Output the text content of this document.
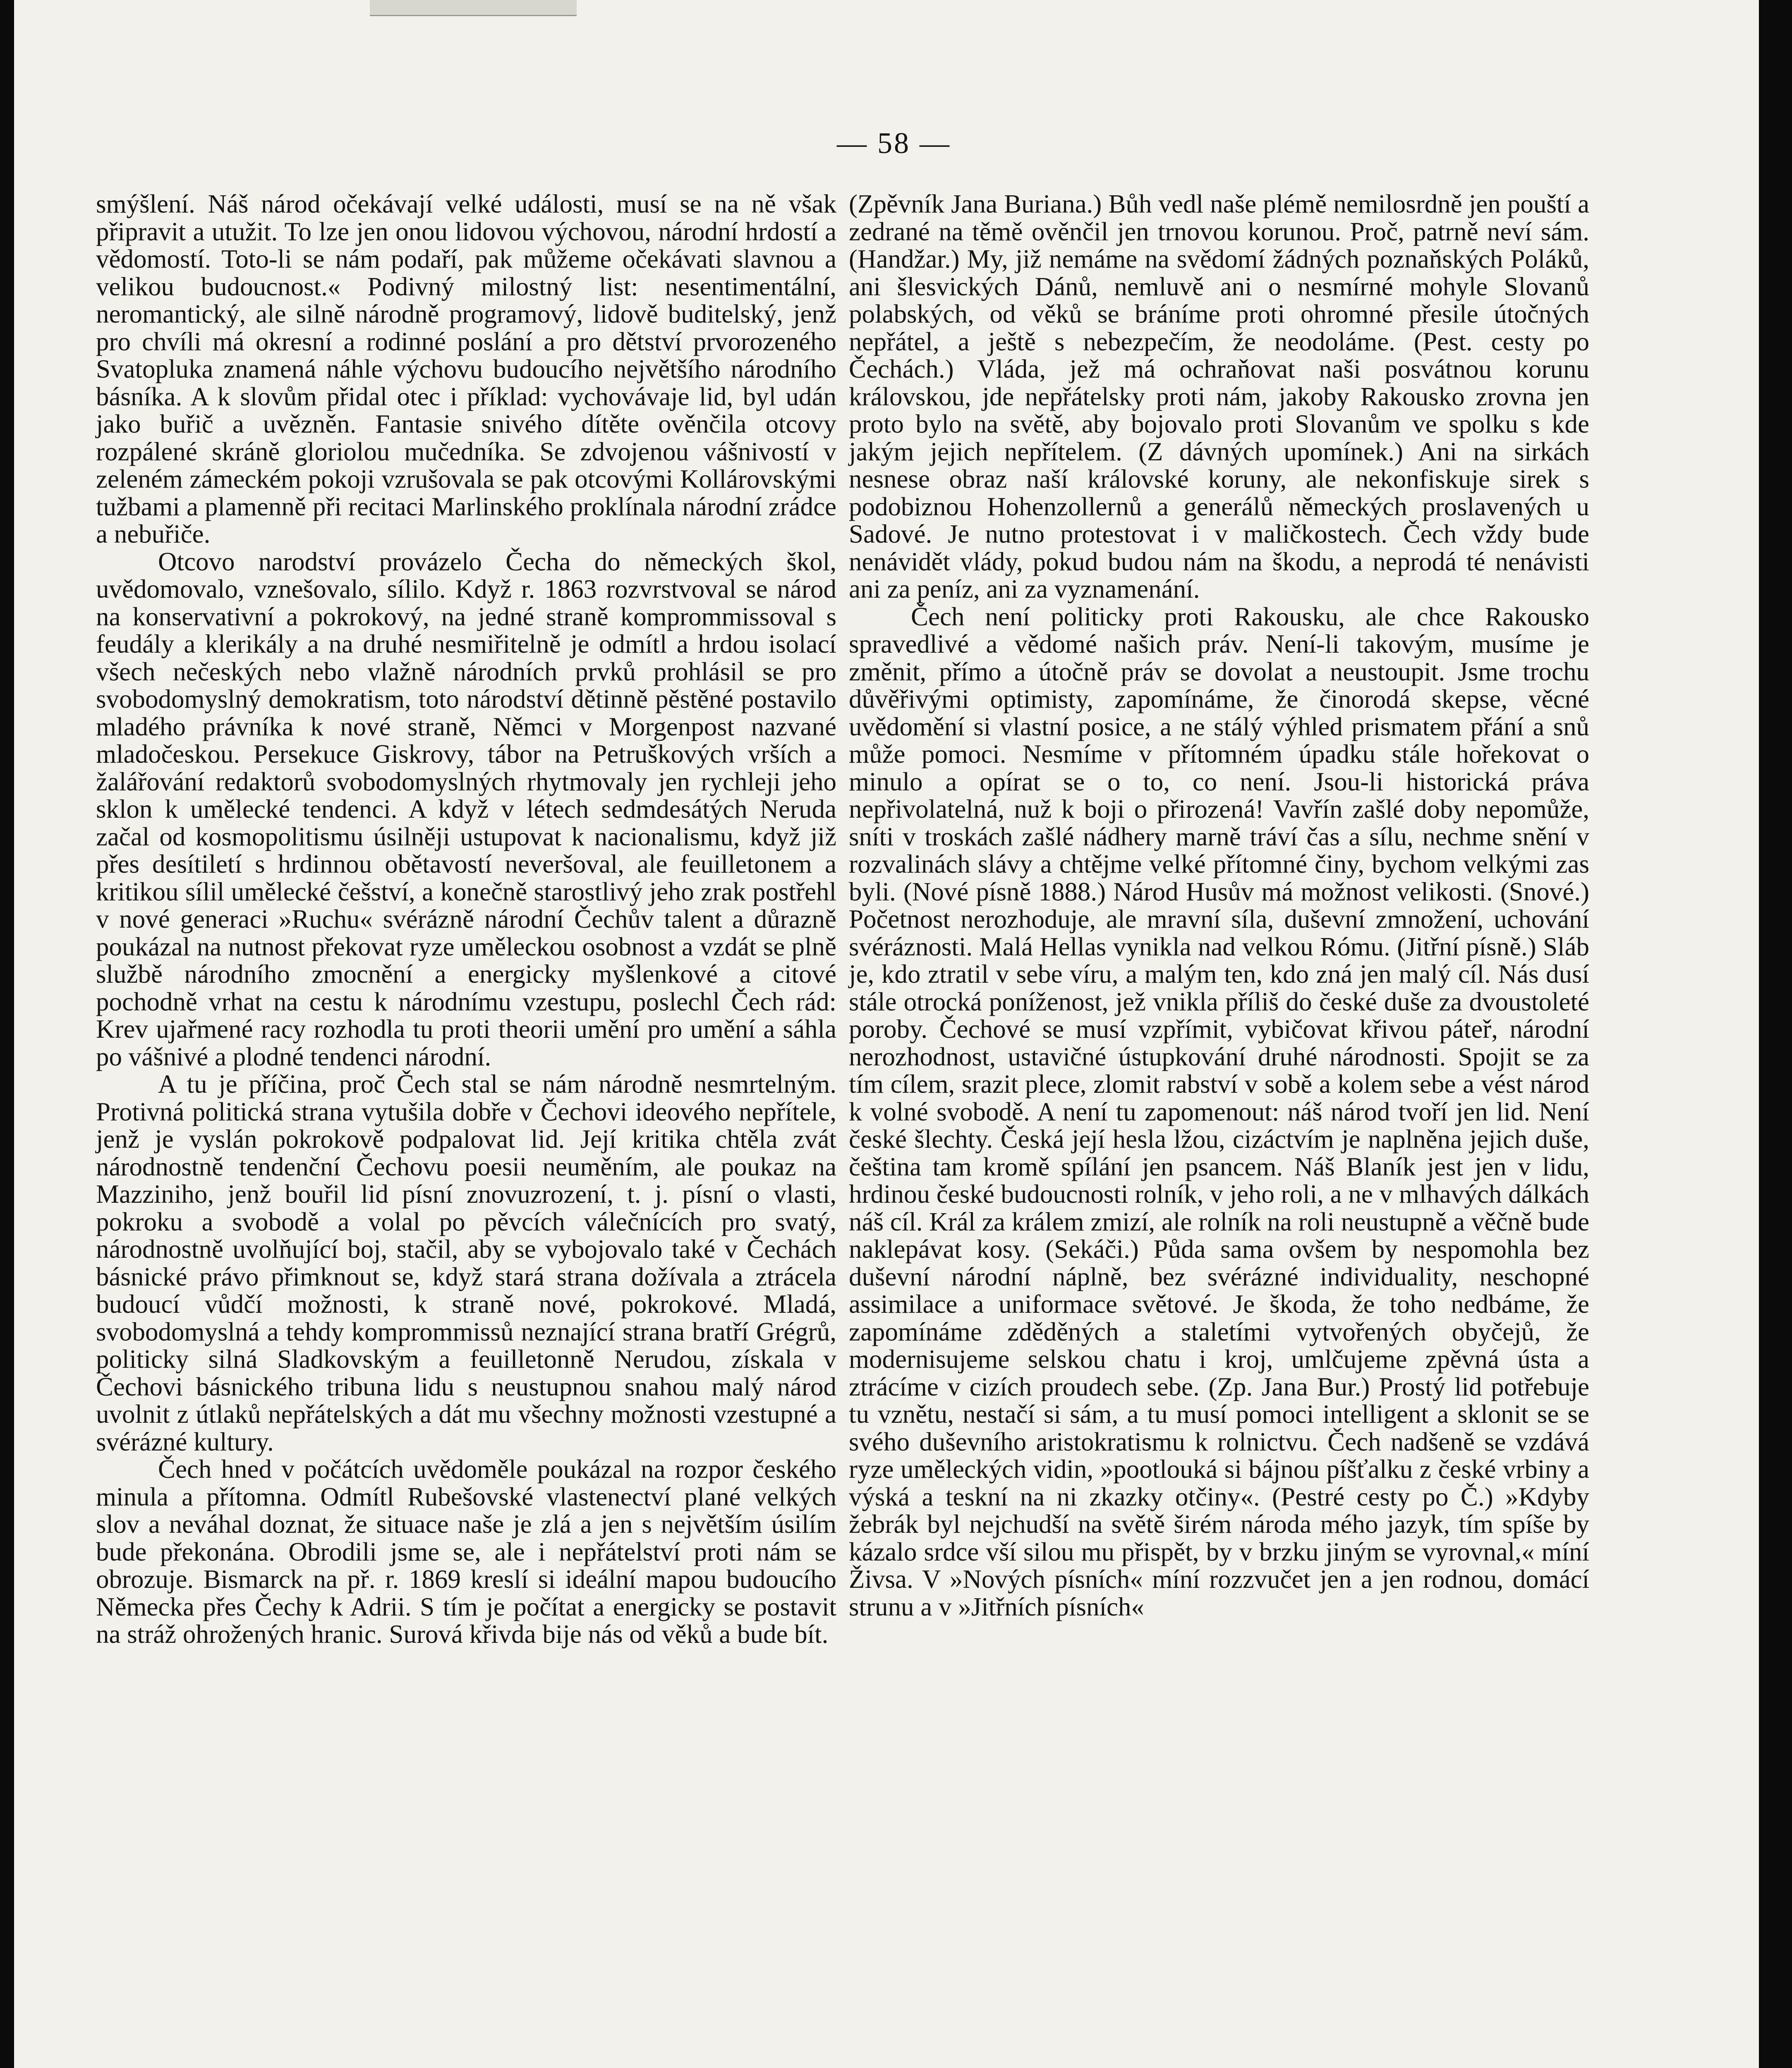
— 58 —

smýšlení. Náš národ očekávají velké události, musí se na ně však připravit a utužit. To lze jen onou lidovou výchovou, národní hrdostí a vědomostí. Toto-li se nám podaří, pak můžeme očekávati slavnou a velikou budoucnost.« Podivný milostný list: nesentimentální, neromantický, ale silně národně programový, lidově buditelský, jenž pro chvíli má okresní a rodinné poslání a pro dětství prvorozeného Svatopluka znamená náhle výchovu budoucího největšího národního básníka. A k slovům přidal otec i příklad: vychovávaje lid, byl udán jako buřič a uvězněn. Fantasie snivého dítěte ověnčila otcovy rozpálené skráně gloriolou mučedníka. Se zdvojenou vášnivostí v zeleném zámeckém pokoji vzrušovala se pak otcovými Kollárovskými tužbami a plamenně při recitaci Marlinského proklínala národní zrádce a nebuřiče.

Otcovo narodství provázelo Čecha do německých škol, uvědomovalo, vznešovalo, sílilo. Když r. 1863 rozvrstvoval se národ na konservativní a pokrokový, na jedné straně komprommissoval s feudály a klerikály a na druhé nesmiřitelně je odmítl a hrdou isolací všech nečeských nebo vlažně národních prvků prohlásil se pro svobodomyslný demokratism, toto národství dětinně pěstěné postavilo mladého právníka k nové straně, Němci v Morgenpost nazvané mladočeskou. Persekuce Giskrovy, tábor na Petruškových vrších a žalářování redaktorů svobodomyslných rhytmovaly jen rychleji jeho sklon k umělecké tendenci. A když v létech sedmdesátých Neruda začal od kosmopolitismu úsilněji ustupovat k nacionalismu, když již přes desítiletí s hrdinnou obětavostí neveršoval, ale feuilletonem a kritikou sílil umělecké češství, a konečně starostlivý jeho zrak postřehl v nové generaci »Ruchu« svérázně národní Čechův talent a důrazně poukázal na nutnost překovat ryze uměleckou osobnost a vzdát se plně službě národního zmocnění a energicky myšlenkové a citové pochodně vrhat na cestu k národnímu vzestupu, poslechl Čech rád: Krev ujařmené racy rozhodla tu proti theorii umění pro umění a sáhla po vášnivé a plodné tendenci národní.

A tu je příčina, proč Čech stal se nám národně nesmrtelným. Protivná politická strana vytušila dobře v Čechovi ideového nepřítele, jenž je vyslán pokrokově podpalovat lid. Její kritika chtěla zvát národnostně tendenční Čechovu poesii neuměním, ale poukaz na Mazziniho, jenž bouřil lid písní znovuzrození, t. j. písní o vlasti, pokroku a svobodě a volal po pěvcích válečnících pro svatý, národnostně uvolňující boj, stačil, aby se vybojovalo také v Čechách básnické právo přimknout se, když stará strana dožívala a ztrácela budoucí vůdčí možnosti, k straně nové, pokrokové. Mladá, svobodomyslná a tehdy komprommissů neznající strana bratří Grégrů, politicky silná Sladkovským a feuilletonně Nerudou, získala v Čechovi básnického tribuna lidu s neustupnou snahou malý národ uvolnit z útlaků nepřátelských a dát mu všechny možnosti vzestupné a svérázné kultury.

Čech hned v počátcích uvědoměle poukázal na rozpor českého minula a přítomna. Odmítl Rubešovské vlastenectví plané velkých slov a neváhal doznat, že situace naše je zlá a jen s největším úsilím bude překonána. Obrodili jsme se, ale i nepřátelství proti nám se obrozuje. Bismarck na př. r. 1869 kreslí si ideální mapou budoucího Německa přes Čechy k Adrii. S tím je počítat a energicky se postavit na stráž ohrožených hranic. Surová křivda bije nás od věků a bude bít.

(Zpěvník Jana Buriana.) Bůh vedl naše plémě nemilosrdně jen pouští a zedrané na těmě ověnčil jen trnovou korunou. Proč, patrně neví sám. (Handžar.) My, již nemáme na svědomí žádných poznaňských Poláků, ani šlesvických Dánů, nemluvě ani o nesmírné mohyle Slovanů polabských, od věků se bráníme proti ohromné přesile útočných nepřátel, a ještě s nebezpečím, že neodoláme. (Pest. cesty po Čechách.) Vláda, jež má ochraňovat naši posvátnou korunu královskou, jde nepřátelsky proti nám, jakoby Rakousko zrovna jen proto bylo na světě, aby bojovalo proti Slovanům ve spolku s kde jakým jejich nepřítelem. (Z dávných upomínek.) Ani na sirkách nesnese obraz naší královské koruny, ale nekonfiskuje sirek s podobiznou Hohenzollernů a generálů německých proslavených u Sadové. Je nutno protestovat i v maličkostech. Čech vždy bude nenávidět vlády, pokud budou nám na škodu, a neprodá té nenávisti ani za peníz, ani za vyznamenání.

Čech není politicky proti Rakousku, ale chce Rakousko spravedlivé a vědomé našich práv. Není-li takovým, musíme je změnit, přímo a útočně práv se dovolat a neustoupit. Jsme trochu důvěřivými optimisty, zapomínáme, že činorodá skepse, věcné uvědomění si vlastní posice, a ne stálý výhled prismatem přání a snů může pomoci. Nesmíme v přítomném úpadku stále hořekovat o minulo a opírat se o to, co není. Jsou-li historická práva nepřivolatelná, nuž k boji o přirozená! Vavřín zašlé doby nepomůže, sníti v troskách zašlé nádhery marně tráví čas a sílu, nechme snění v rozvalinách slávy a chtějme velké přítomné činy, bychom velkými zas byli. (Nové písně 1888.) Národ Husův má možnost velikosti. (Snové.) Početnost nerozhoduje, ale mravní síla, duševní zmnožení, uchování svéráznosti. Malá Hellas vynikla nad velkou Rómu. (Jitřní písně.) Sláb je, kdo ztratil v sebe víru, a malým ten, kdo zná jen malý cíl. Nás dusí stále otrocká poníženost, jež vnikla příliš do české duše za dvoustoleté poroby. Čechové se musí vzpřímit, vybičovat křivou páteř, národní nerozhodnost, ustavičné ústupkování druhé národnosti. Spojit se za tím cílem, srazit plece, zlomit rabství v sobě a kolem sebe a vést národ k volné svobodě. A není tu zapomenout: náš národ tvoří jen lid. Není české šlechty. Česká její hesla lžou, cizáctvím je naplněna jejich duše, čeština tam kromě spílání jen psancem. Náš Blaník jest jen v lidu, hrdinou české budoucnosti rolník, v jeho roli, a ne v mlhavých dálkách náš cíl. Král za králem zmizí, ale rolník na roli neustupně a věčně bude naklepávat kosy. (Sekáči.) Půda sama ovšem by nespomohla bez duševní národní náplně, bez svérázné individuality, neschopné assimilace a uniformace světové. Je škoda, že toho nedbáme, že zapomínáme zděděných a staletími vytvořených obyčejů, že modernisujeme selskou chatu i kroj, umlčujeme zpěvná ústa a ztrácíme v cizích proudech sebe. (Zp. Jana Bur.) Prostý lid potřebuje tu vznětu, nestačí si sám, a tu musí pomoci intelligent a sklonit se se svého duševního aristokratismu k rolnictvu. Čech nadšeně se vzdává ryze uměleckých vidin, »pootlouká si bájnou píšťalku z české vrbiny a výská a teskní na ni zkazky otčiny«. (Pestré cesty po Č.) »Kdyby žebrák byl nejchudší na světě širém národa mého jazyk, tím spíše by kázalo srdce vší silou mu přispět, by v brzku jiným se vyrovnal,« míní Živsa. V »Nových písních« míní rozzvučet jen a jen rodnou, domácí strunu a v »Jitřních písních«
